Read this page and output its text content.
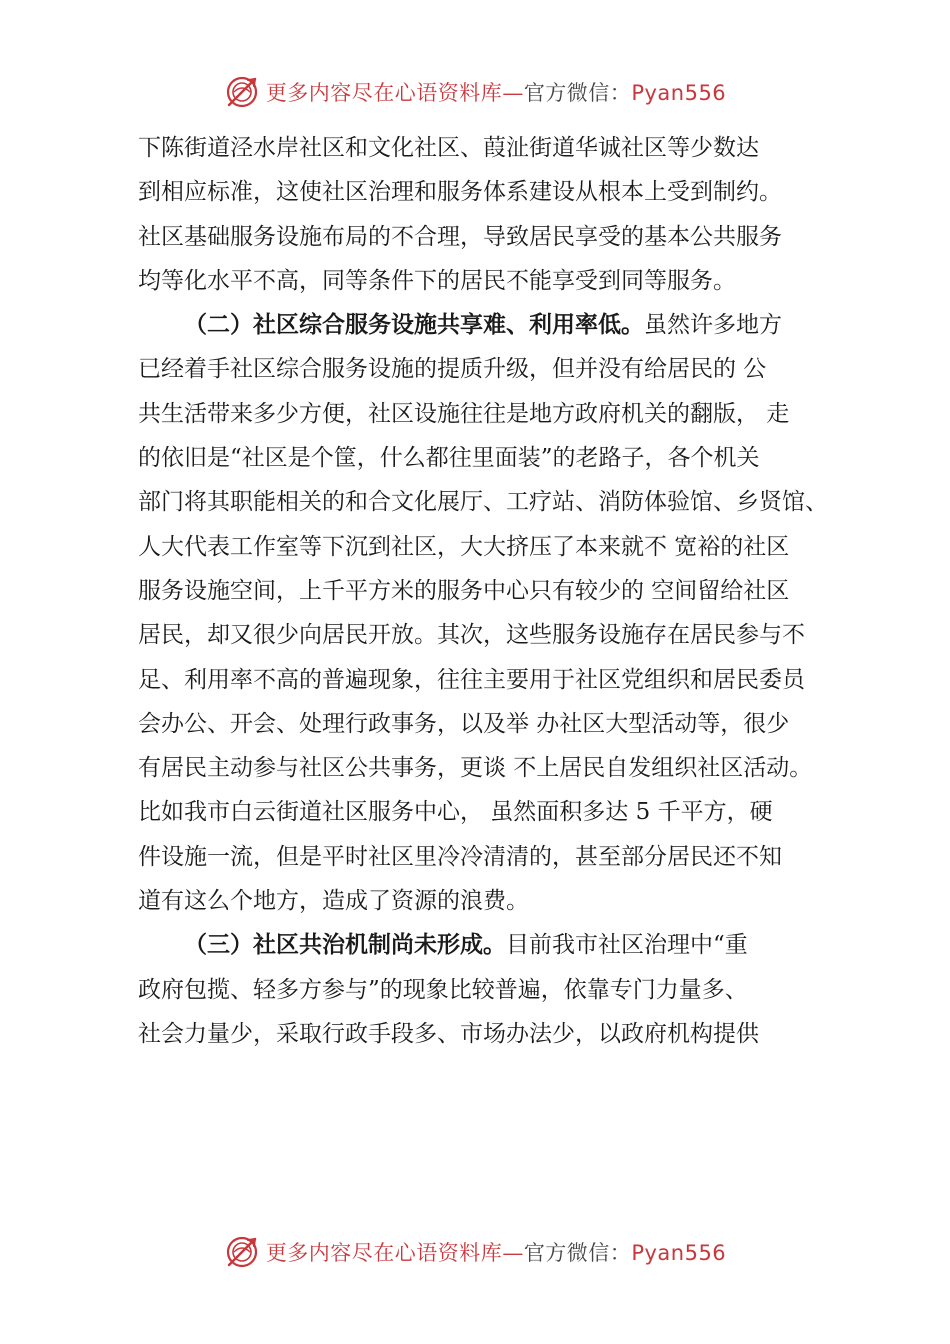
更多内容尽在心语资料库—官方微信：Pyan556
下陈街道泾水岸社区和文化社区、葭沚街道华诚社区等少数达
到相应标准，这使社区治理和服务体系建设从根本上受到制约。
社区基础服务设施布局的不合理，导致居民享受的基本公共服务
均等化水平不高，同等条件下的居民不能享受到同等服务。
（二）社区综合服务设施共享难、利用率低。虽然许多地方
已经着手社区综合服务设施的提质升级，但并没有给居民的 公
共生活带来多少方便，社区设施往往是地方政府机关的翻版， 走
的依旧是“社区是个筐，什么都往里面装”的老路子，各个机关
部门将其职能相关的和合文化展厅、工疗站、消防体验馆、乡贤馆、
人大代表工作室等下沉到社区，大大挤压了本来就不 宽裕的社区
服务设施空间，上千平方米的服务中心只有较少的 空间留给社区
居民，却又很少向居民开放。其次，这些服务设施存在居民参与不
足、利用率不高的普遍现象，往往主要用于社区党组织和居民委员
会办公、开会、处理行政事务，以及举 办社区大型活动等，很少
有居民主动参与社区公共事务，更谈 不上居民自发组织社区活动。
比如我市白云街道社区服务中心， 虽然面积多达 5 千平方，硬
件设施一流，但是平时社区里冷冷清清的，甚至部分居民还不知
道有这么个地方，造成了资源的浪费。
（三）社区共治机制尚未形成。目前我市社区治理中“重
政府包揽、轻多方参与”的现象比较普遍，依靠专门力量多、
社会力量少，采取行政手段多、市场办法少，以政府机构提供
更多内容尽在心语资料库—官方微信：Pyan556
